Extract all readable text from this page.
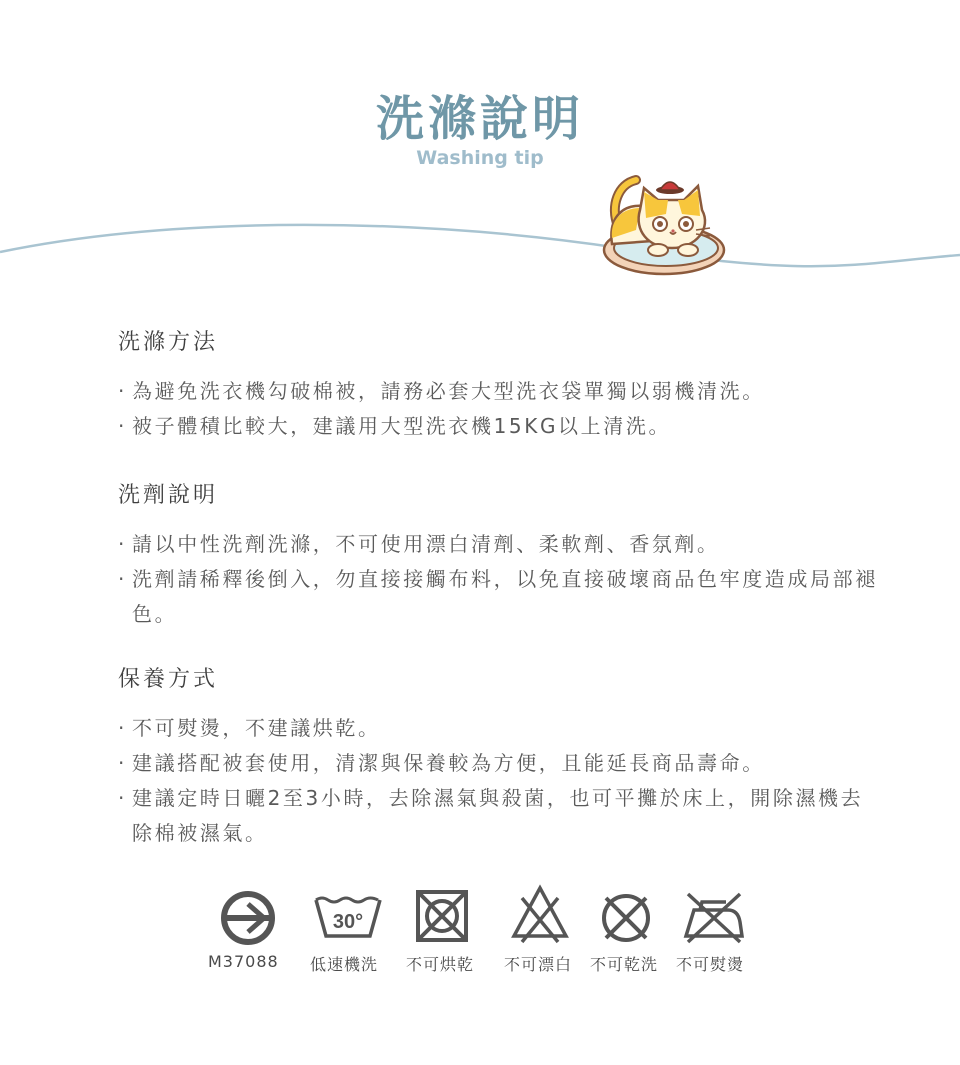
洗滌說明
Washing tip
洗滌方法
· 為避免洗衣機勾破棉被，請務必套大型洗衣袋單獨以弱機清洗。
· 被子體積比較大，建議用大型洗衣機15KG以上清洗。
洗劑說明
· 請以中性洗劑洗滌，不可使用漂白清劑、柔軟劑、香氛劑。
· 洗劑請稀釋後倒入，勿直接接觸布料，以免直接破壞商品色牢度造成局部褪色。
保養方式
· 不可熨燙，不建議烘乾。
· 建議搭配被套使用，清潔與保養較為方便，且能延長商品壽命。
· 建議定時日曬2至3小時，去除濕氣與殺菌，也可平攤於床上，開除濕機去除棉被濕氣。
M37088
30°
低速機洗 不可烘乾 不可漂白 不可乾洗 不可熨燙
